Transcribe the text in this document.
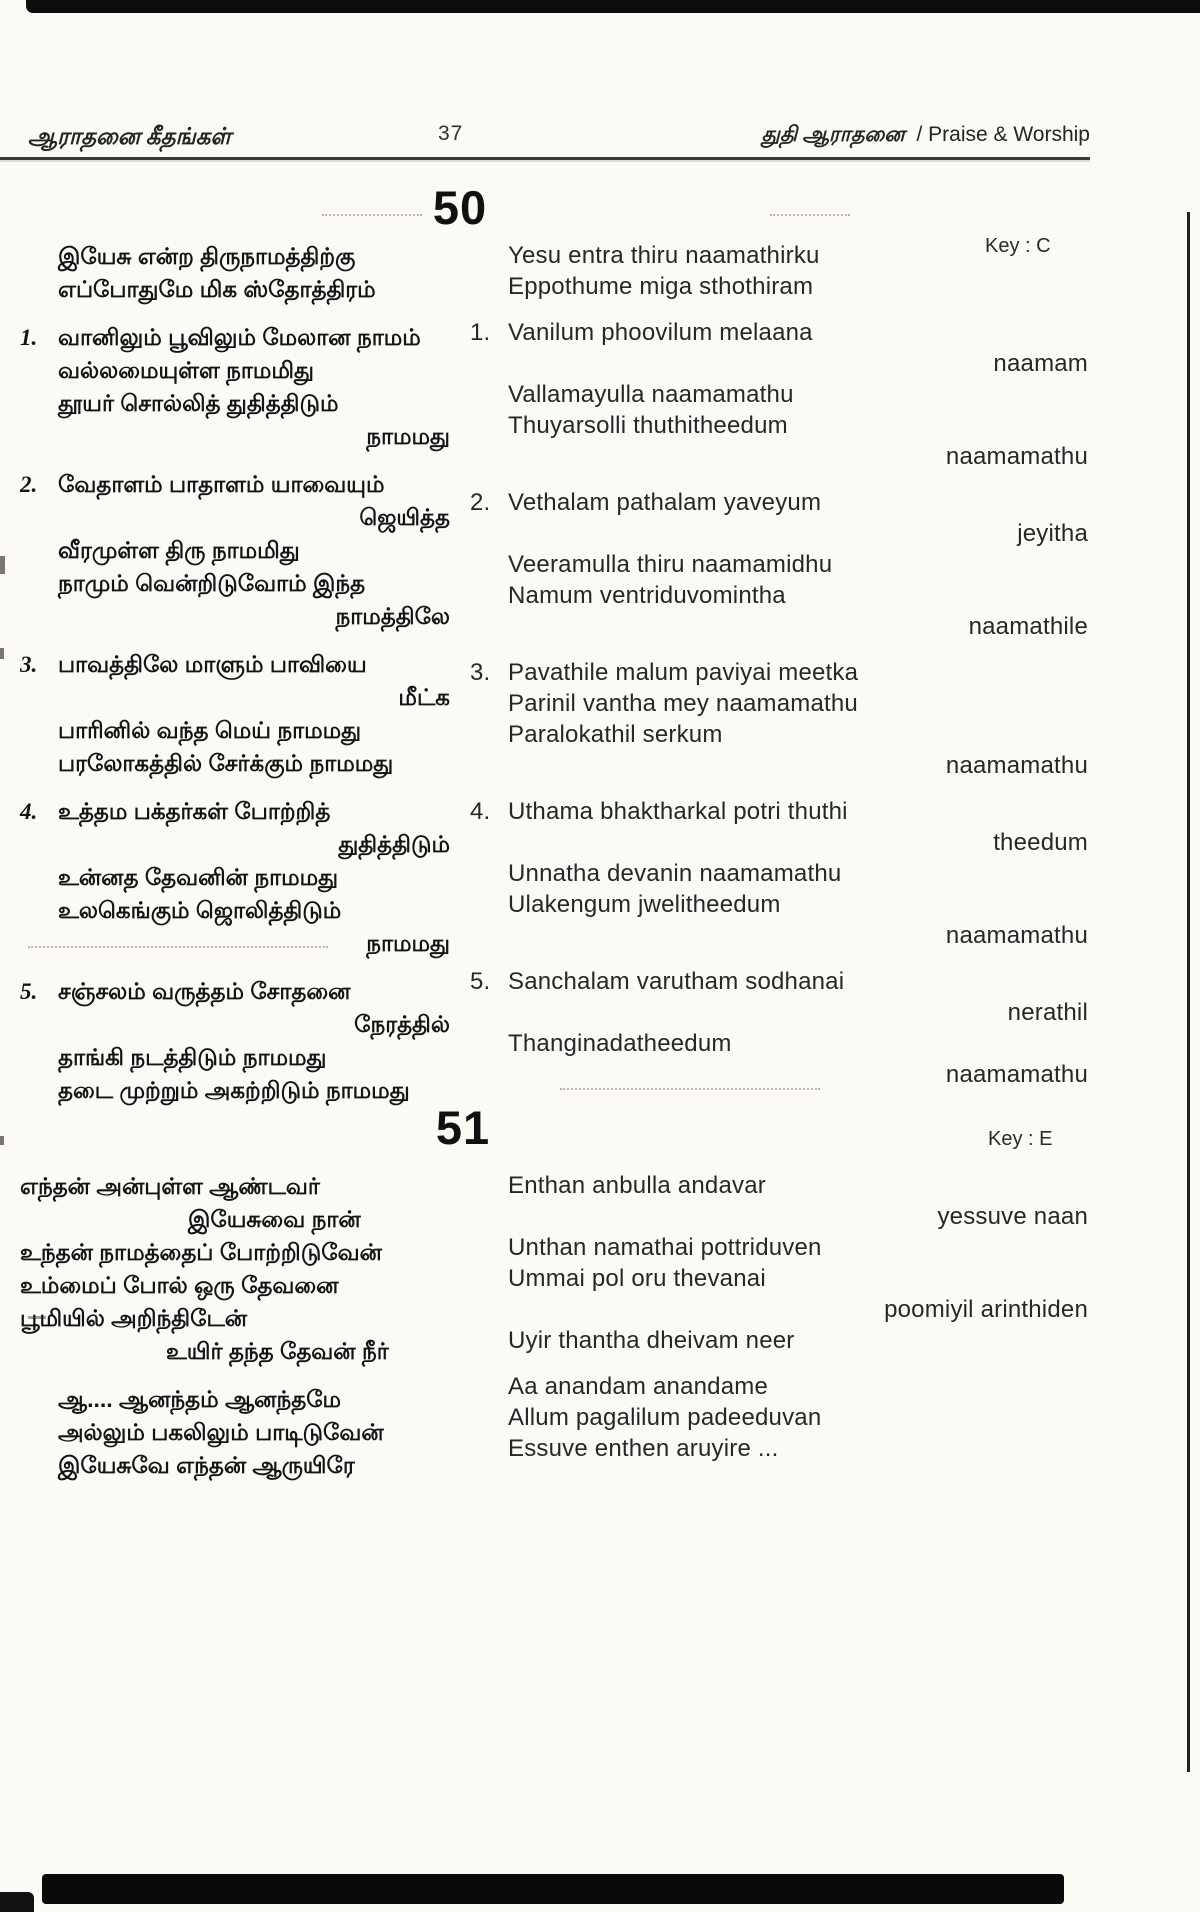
ஆராதனை கீதங்கள்	37	துதி ஆராதனை / Praise & Worship
50
Key : C
இயேசு என்ற திருநாமத்திற்கு
எப்போதுமே மிக ஸ்தோத்திரம்
1. வானிலும் பூவிலும் மேலான நாமம்
வல்லமையுள்ள நாமமிது
தூயர் சொல்லித் துதித்திடும்
நாமமது
2. வேதாளம் பாதாளம் யாவையும்
ஜெயித்த
வீரமுள்ள திரு நாமமிது
நாமும் வென்றிடுவோம் இந்த
நாமத்திலே
3. பாவத்திலே மாளும் பாவியை
மீட்க
பாரினில் வந்த மெய் நாமமது
பரலோகத்தில் சேர்க்கும் நாமமது
4. உத்தம பக்தர்கள் போற்றித்
துதித்திடும்
உன்னத தேவனின் நாமமது
உலகெங்கும் ஜொலித்திடும்
நாமமது
5. சஞ்சலம் வருத்தம் சோதனை
நேரத்தில்
தாங்கி நடத்திடும் நாமமது
தடை முற்றும் அகற்றிடும் நாமமது
Yesu entra thiru naamathirku
Eppothume miga sthothiram
1. Vanilum phoovilum melaana
naamam
Vallamayulla naamamathu
Thuyarsolli thuthitheedum
naamamathu
2. Vethalam pathalam yaveyum
jeyitha
Veeramulla thiru naamamidhu
Namum ventriduvomintha
naamathile
3. Pavathile malum paviyai meetka
Parinil vantha mey naamamathu
Paralokathil serkum
naamamathu
4. Uthama bhaktharkal potri thuthi
theedum
Unnatha devanin naamamathu
Ulakengum jwelitheedum
naamamathu
5. Sanchalam varutham sodhanai
nerathil
Thanginadatheedum
naamamathu
51	Key : E
எந்தன் அன்புள்ள ஆண்டவர்
இயேசுவை நான்
உந்தன் நாமத்தைப் போற்றிடுவேன்
உம்மைப் போல் ஒரு தேவனை
பூமியில் அறிந்திடேன்
உயிர் தந்த தேவன் நீர்
ஆ.... ஆனந்தம் ஆனந்தமே
அல்லும் பகலிலும் பாடிடுவேன்
இயேசுவே எந்தன் ஆருயிரே
Enthan anbulla andavar
yessuve naan
Unthan namathai pottriduven
Ummai pol oru thevanai
poomiyil arinthiden
Uyir thantha dheivam neer
Aa anandam anandame
Allum pagalilum padeeduvan
Essuve enthen aruyire ...
